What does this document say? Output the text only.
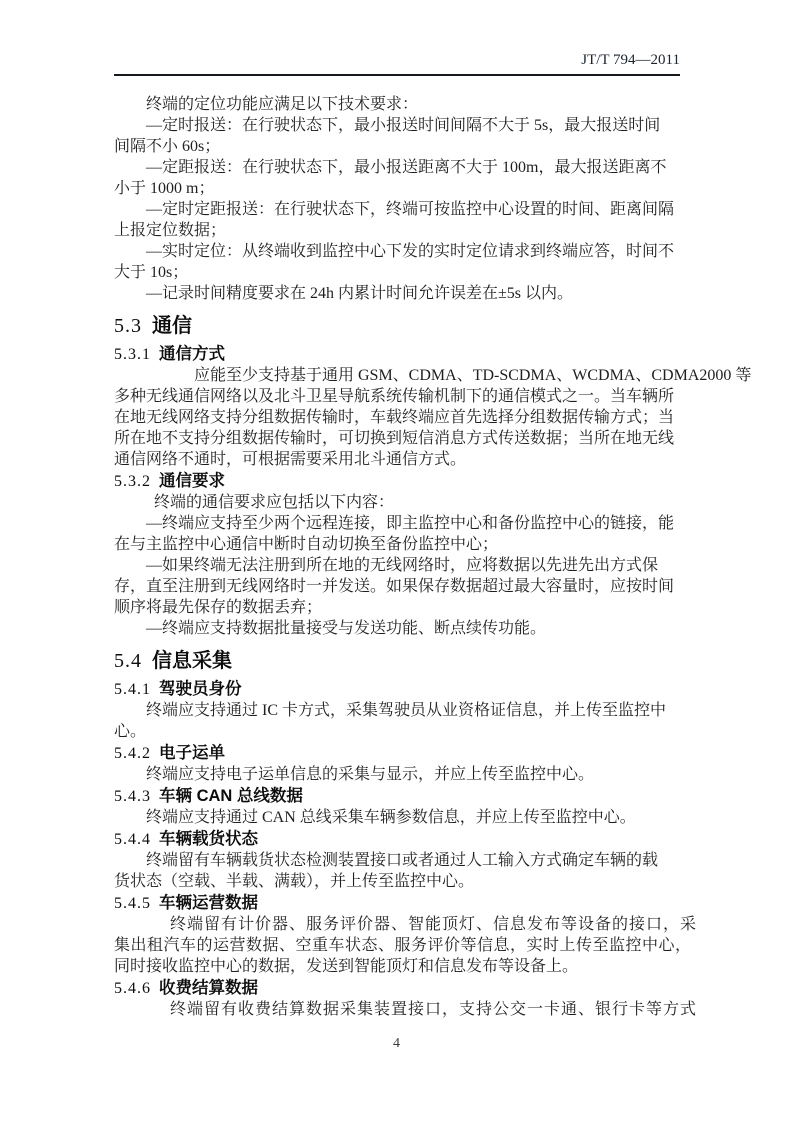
JT/T 794—2011
终端的定位功能应满足以下技术要求：
—定时报送：在行驶状态下，最小报送时间间隔不大于 5s，最大报送时间
间隔不小 60s；
—定距报送：在行驶状态下，最小报送距离不大于 100m，最大报送距离不
小于 1000 m；
—定时定距报送：在行驶状态下，终端可按监控中心设置的时间、距离间隔
上报定位数据；
—实时定位：从终端收到监控中心下发的实时定位请求到终端应答，时间不
大于 10s；
—记录时间精度要求在 24h 内累计时间允许误差在±5s 以内。
5.3 通信
5.3.1 通信方式
应能至少支持基于通用 GSM、CDMA、TD-SCDMA、WCDMA、CDMA2000 等
多种无线通信网络以及北斗卫星导航系统传输机制下的通信模式之一。当车辆所
在地无线网络支持分组数据传输时，车载终端应首先选择分组数据传输方式；当
所在地不支持分组数据传输时，可切换到短信消息方式传送数据；当所在地无线
通信网络不通时，可根据需要采用北斗通信方式。
5.3.2 通信要求
终端的通信要求应包括以下内容：
—终端应支持至少两个远程连接，即主监控中心和备份监控中心的链接，能
在与主监控中心通信中断时自动切换至备份监控中心；
—如果终端无法注册到所在地的无线网络时，应将数据以先进先出方式保
存，直至注册到无线网络时一并发送。如果保存数据超过最大容量时，应按时间
顺序将最先保存的数据丢弃；
—终端应支持数据批量接受与发送功能、断点续传功能。
5.4 信息采集
5.4.1 驾驶员身份
终端应支持通过 IC 卡方式，采集驾驶员从业资格证信息，并上传至监控中
心。
5.4.2 电子运单
终端应支持电子运单信息的采集与显示，并应上传至监控中心。
5.4.3 车辆 CAN 总线数据
终端应支持通过 CAN 总线采集车辆参数信息，并应上传至监控中心。
5.4.4 车辆载货状态
终端留有车辆载货状态检测装置接口或者通过人工输入方式确定车辆的载
货状态（空载、半载、满载），并上传至监控中心。
5.4.5 车辆运营数据
终端留有计价器、服务评价器、智能顶灯、信息发布等设备的接口，采
集出租汽车的运营数据、空重车状态、服务评价等信息，实时上传至监控中心，
同时接收监控中心的数据，发送到智能顶灯和信息发布等设备上。
5.4.6 收费结算数据
终端留有收费结算数据采集装置接口，支持公交一卡通、银行卡等方式
4
